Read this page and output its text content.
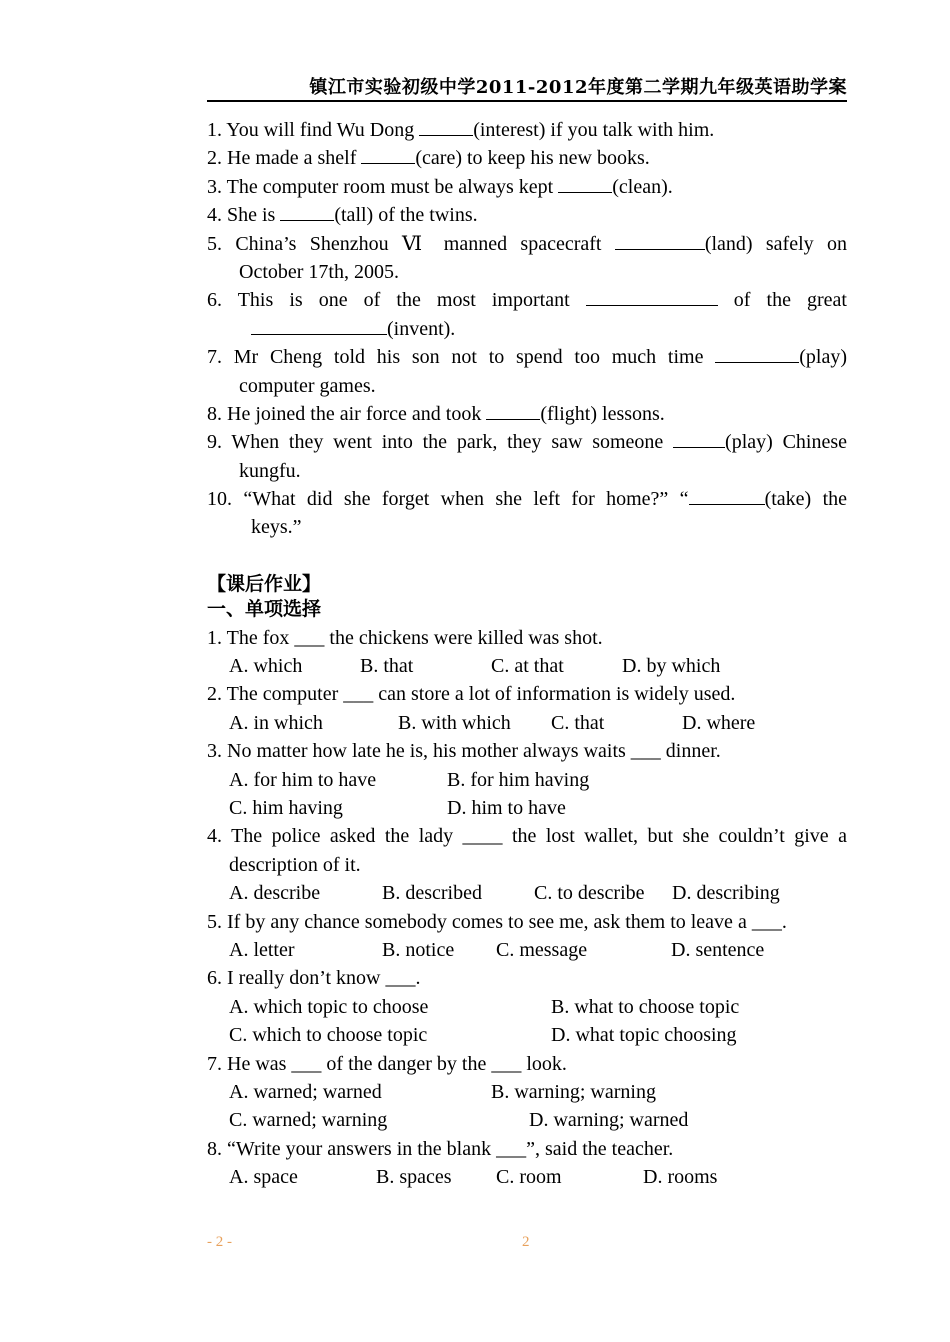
镇江市实验初级中学2011-2012年度第二学期九年级英语助学案
1. You will find Wu Dong	(interest) if you talk with him.
2. He made a shelf	(care) to keep his new books.
3. The computer room must be always kept	(clean).
4. She is	(tall) of the twins.
5. China’s Shenzhou Ⅵ manned spacecraft	(land) safely on
October 17th, 2005.
6. This is one of the most important	of the great
(invent).
7. Mr Cheng told his son not to spend too much time	(play)
computer games.
8. He joined the air force and took	(flight) lessons.
9. When they went into the park, they saw someone	(play) Chinese
kungfu.
10. “What did she forget when she left for home?” “	(take) the
keys.”
【课后作业】
一、单项选择
1. The fox ___ the chickens were killed was shot.
A. which	B. that	C. at that	D. by which
2. The computer ___ can store a lot of information is widely used.
A. in which	B. with which C. that	D. where
3. No matter how late he is, his mother always waits ___ dinner.
A. for him to have	B. for him having
C. him having	D. him to have
4. The police asked the lady ____ the lost wallet, but she couldn’t give a
description of it.
A. describe	B. described	C. to describe D. describing
5. If by any chance somebody comes to see me, ask them to leave a ___.
A. letter	B. notice C. message	D. sentence
6. I really don’t know ___.
A. which topic to choose	B. what to choose topic
C. which to choose topic	D. what topic choosing
7. He was ___ of the danger by the ___ look.
A. warned; warned	B. warning; warning
C. warned; warning	D. warning; warned
8. “Write your answers in the blank ___”, said the teacher.
A. space	B. spaces C. room	D. rooms
- 2 -	2
